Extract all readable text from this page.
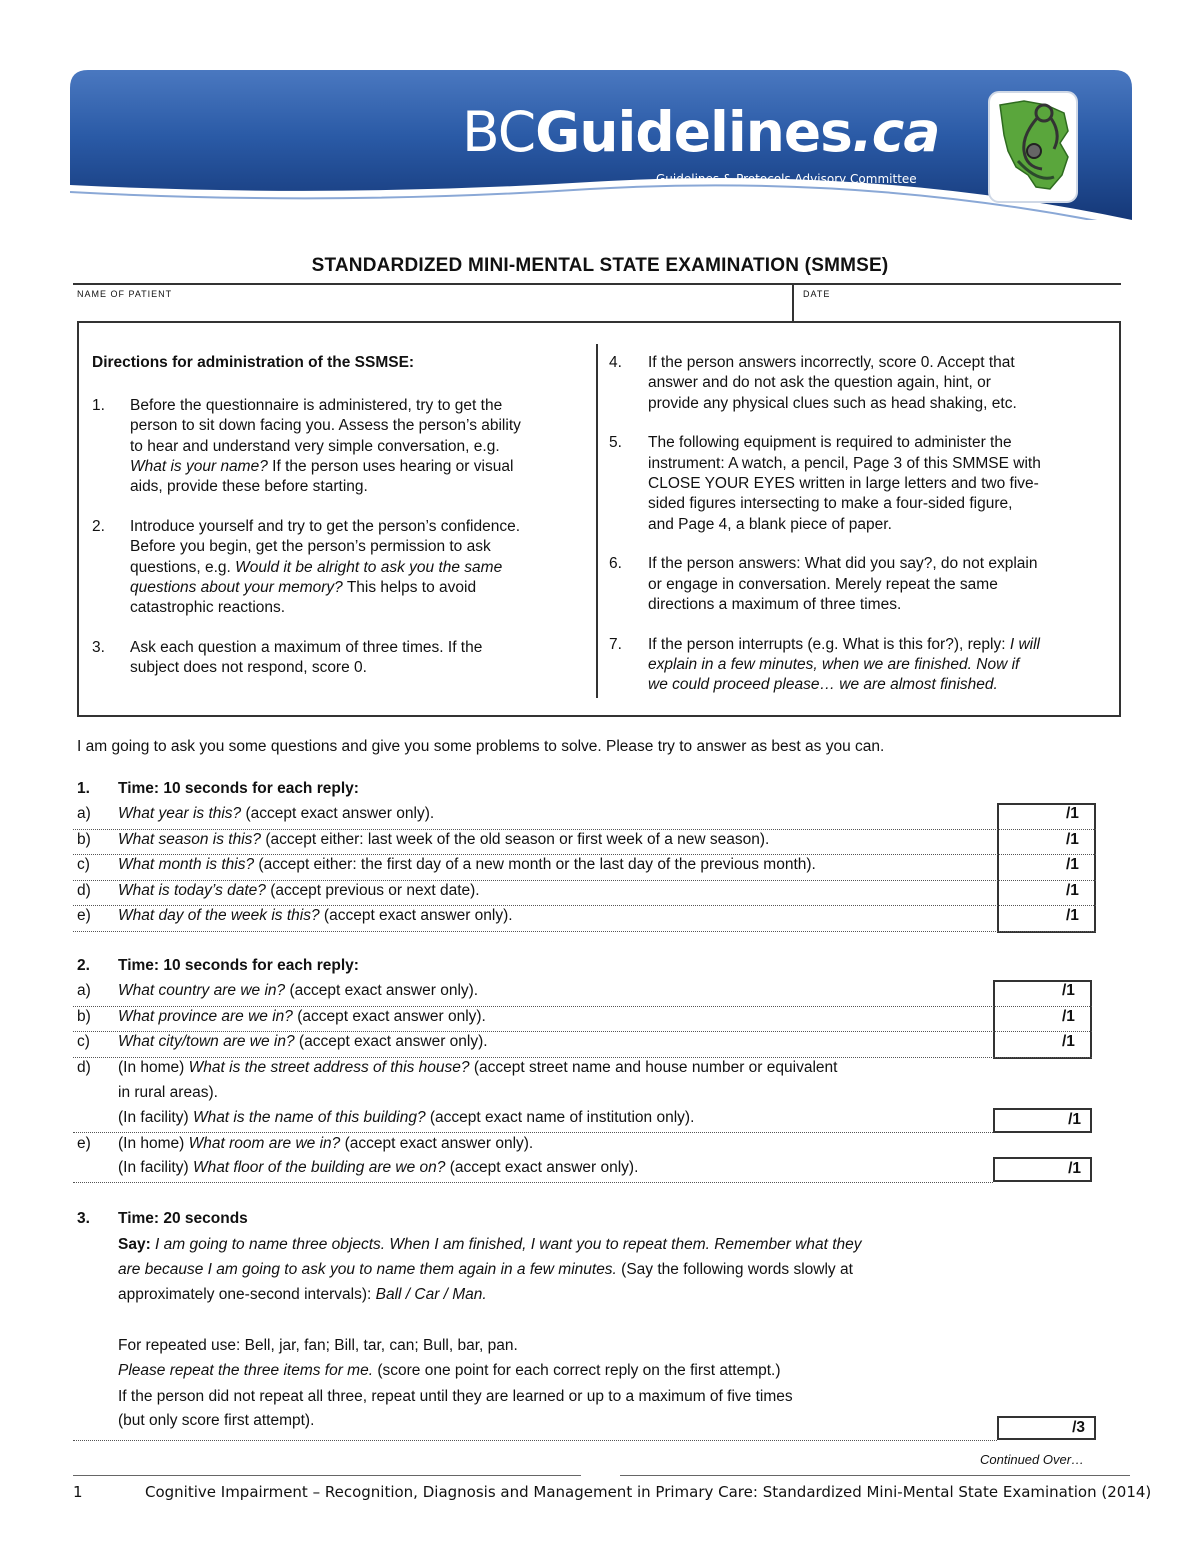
BCGuidelines.ca
Guidelines & Protocols Advisory Committee
STANDARDIZED MINI-MENTAL STATE EXAMINATION (SMMSE)
NAME OF PATIENT	DATE
Directions for administration of the SSMSE:
1. Before the questionnaire is administered, try to get the
person to sit down facing you. Assess the person’s ability
to hear and understand very simple conversation, e.g.
What is your name? If the person uses hearing or visual
aids, provide these before starting.
2. Introduce yourself and try to get the person’s confidence.
Before you begin, get the person’s permission to ask
questions, e.g. Would it be alright to ask you the same
questions about your memory? This helps to avoid
catastrophic reactions.
3. Ask each question a maximum of three times. If the
subject does not respond, score 0.
4. If the person answers incorrectly, score 0. Accept that
answer and do not ask the question again, hint, or
provide any physical clues such as head shaking, etc.
5. The following equipment is required to administer the
instrument: A watch, a pencil, Page 3 of this SMMSE with
CLOSE YOUR EYES written in large letters and two five-
sided figures intersecting to make a four-sided figure,
and Page 4, a blank piece of paper.
6. If the person answers: What did you say?, do not explain
or engage in conversation. Merely repeat the same
directions a maximum of three times.
7. If the person interrupts (e.g. What is this for?), reply: I will
explain in a few minutes, when we are finished. Now if
we could proceed please… we are almost finished.
I am going to ask you some questions and give you some problems to solve. Please try to answer as best as you can.
1. Time: 10 seconds for each reply:
a) What year is this? (accept exact answer only).	/1
b) What season is this? (accept either: last week of the old season or first week of a new season).	/1
c) What month is this? (accept either: the first day of a new month or the last day of the previous month).	/1
d) What is today’s date? (accept previous or next date).	/1
e) What day of the week is this? (accept exact answer only).	/1
2. Time: 10 seconds for each reply:
a) What country are we in? (accept exact answer only).	/1
b) What province are we in? (accept exact answer only).	/1
c) What city/town are we in? (accept exact answer only).	/1
d) (In home) What is the street address of this house? (accept street name and house number or equivalent
in rural areas).
(In facility) What is the name of this building? (accept exact name of institution only).	/1
e) (In home) What room are we in? (accept exact answer only).
(In facility) What floor of the building are we on? (accept exact answer only).	/1
3. Time: 20 seconds
Say: I am going to name three objects. When I am finished, I want you to repeat them. Remember what they
are because I am going to ask you to name them again in a few minutes. (Say the following words slowly at
approximately one-second intervals): Ball / Car / Man.
For repeated use: Bell, jar, fan; Bill, tar, can; Bull, bar, pan.
Please repeat the three items for me. (score one point for each correct reply on the first attempt.)
If the person did not repeat all three, repeat until they are learned or up to a maximum of five times
(but only score first attempt).	/3
Continued Over…
1	Cognitive Impairment – Recognition, Diagnosis and Management in Primary Care: Standardized Mini-Mental State Examination (2014)
